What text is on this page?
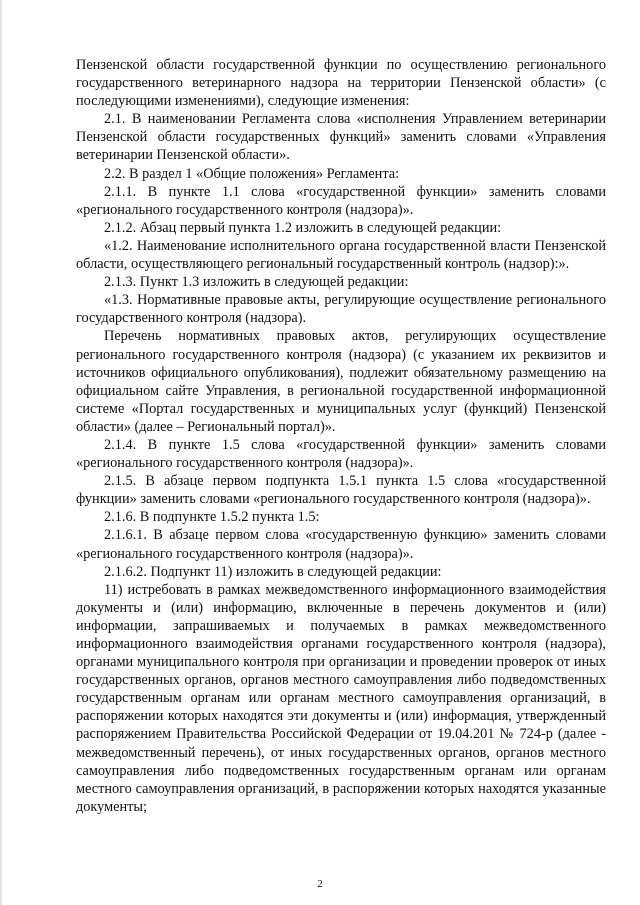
Пензенской области государственной функции по осуществлению регионального государственного ветеринарного надзора на территории Пензенской области» (с последующими изменениями), следующие изменения:

2.1. В наименовании Регламента слова «исполнения Управлением ветеринарии Пензенской области государственных функций» заменить словами «Управления ветеринарии Пензенской области».

2.2. В раздел 1 «Общие положения» Регламента:

2.1.1. В пункте 1.1 слова «государственной функции» заменить словами «регионального государственного контроля (надзора)».

2.1.2. Абзац первый пункта 1.2 изложить в следующей редакции:

«1.2. Наименование исполнительного органа государственной власти Пензенской области, осуществляющего региональный государственный контроль (надзор):».

2.1.3. Пункт 1.3 изложить в следующей редакции:

«1.3. Нормативные правовые акты, регулирующие осуществление регионального государственного контроля (надзора).

Перечень нормативных правовых актов, регулирующих осуществление регионального государственного контроля (надзора) (с указанием их реквизитов и источников официального опубликования), подлежит обязательному размещению на официальном сайте Управления, в региональной государственной информационной системе «Портал государственных и муниципальных услуг (функций) Пензенской области» (далее – Региональный портал)».

2.1.4. В пункте 1.5 слова «государственной функции» заменить словами «регионального государственного контроля (надзора)».

2.1.5. В абзаце первом подпункта 1.5.1 пункта 1.5 слова «государственной функции» заменить словами «регионального государственного контроля (надзора)».

2.1.6. В подпункте 1.5.2 пункта 1.5:

2.1.6.1. В абзаце первом слова «государственную функцию» заменить словами «регионального государственного контроля (надзора)».

2.1.6.2. Подпункт 11) изложить в следующей редакции:

11) истребовать в рамках межведомственного информационного взаимодействия документы и (или) информацию, включенные в перечень документов и (или) информации, запрашиваемых и получаемых в рамках межведомственного информационного взаимодействия органами государственного контроля (надзора), органами муниципального контроля при организации и проведении проверок от иных государственных органов, органов местного самоуправления либо подведомственных государственным органам или органам местного самоуправления организаций, в распоряжении которых находятся эти документы и (или) информация, утвержденный распоряжением Правительства Российской Федерации от 19.04.201 № 724-р (далее - межведомственный перечень), от иных государственных органов, органов местного самоуправления либо подведомственных государственным органам или органам местного самоуправления организаций, в распоряжении которых находятся указанные документы;

2
